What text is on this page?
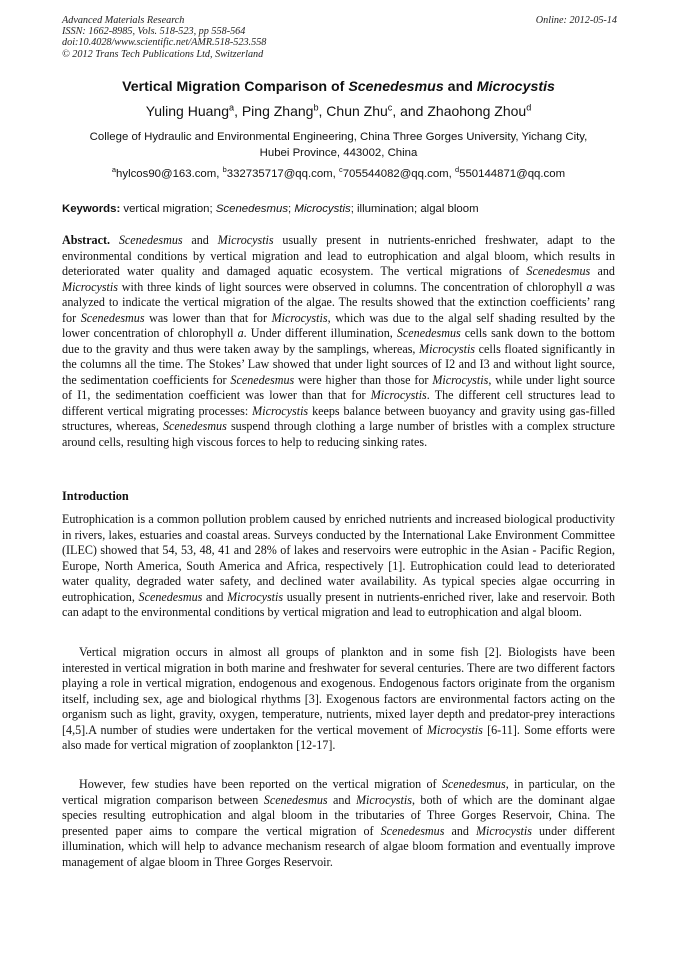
Advanced Materials Research
ISSN: 1662-8985, Vols. 518-523, pp 558-564
doi:10.4028/www.scientific.net/AMR.518-523.558
© 2012 Trans Tech Publications Ltd, Switzerland
Online: 2012-05-14
Vertical Migration Comparison of Scenedesmus and Microcystis
Yuling Huang$^a$, Ping Zhang$^b$, Chun Zhu$^c$, and Zhaohong Zhou$^d$
College of Hydraulic and Environmental Engineering, China Three Gorges University, Yichang City,
Hubei Province, 443002, China
$^a$hylcos90@163.com, $^b$332735717@qq.com, $^c$705544082@qq.com, $^d$550144871@qq.com
Keywords: vertical migration; Scenedesmus; Microcystis; illumination; algal bloom

Abstract. Scenedesmus and Microcystis usually present in nutrients-enriched freshwater, adapt to the environmental conditions by vertical migration and lead to eutrophication and algal bloom, which results in deteriorated water quality and damaged aquatic ecosystem. The vertical migrations of Scenedesmus and Microcystis with three kinds of light sources were observed in columns. The concentration of chlorophyll a was analyzed to indicate the vertical migration of the algae. The results showed that the extinction coefficients’ rang for Scenedesmus was lower than that for Microcystis, which was due to the algal self shading resulted by the lower concentration of chlorophyll a. Under different illumination, Scenedesmus cells sank down to the bottom due to the gravity and thus were taken away by the samplings, whereas, Microcystis cells floated significantly in the columns all the time. The Stokes’ Law showed that under light sources of I2 and I3 and without light source, the sedimentation coefficients for Scenedesmus were higher than those for Microcystis, while under light source of I1, the sedimentation coefficient was lower than that for Microcystis. The different cell structures lead to different vertical migrating processes: Microcystis keeps balance between buoyancy and gravity using gas-filled structures, whereas, Scenedesmus suspend through clothing a large number of bristles with a complex structure around cells, resulting high viscous forces to help to reducing sinking rates.

Introduction

Eutrophication is a common pollution problem caused by enriched nutrients and increased biological productivity in rivers, lakes, estuaries and coastal areas. Surveys conducted by the International Lake Environment Committee (ILEC) showed that 54, 53, 48, 41 and 28% of lakes and reservoirs were eutrophic in the Asian - Pacific Region, Europe, North America, South America and Africa, respectively [1]. Eutrophication could lead to deteriorated water quality, degraded water safety, and declined water availability. As typical species algae occurring in eutrophication, Scenedesmus and Microcystis usually present in nutrients-enriched river, lake and reservoir. Both can adapt to the environmental conditions by vertical migration and lead to eutrophication and algal bloom.

Vertical migration occurs in almost all groups of plankton and in some fish [2]. Biologists have been interested in vertical migration in both marine and freshwater for several centuries. There are two different factors playing a role in vertical migration, endogenous and exogenous. Endogenous factors originate from the organism itself, including sex, age and biological rhythms [3]. Exogenous factors are environmental factors acting on the organism such as light, gravity, oxygen, temperature, nutrients, mixed layer depth and predator-prey interactions [4,5].A number of studies were undertaken for the vertical movement of Microcystis [6-11]. Some efforts were also made for vertical migration of zooplankton [12-17].

However, few studies have been reported on the vertical migration of Scenedesmus, in particular, on the vertical migration comparison between Scenedesmus and Microcystis, both of which are the dominant algae species resulting eutrophication and algal bloom in the tributaries of Three Gorges Reservoir, China. The presented paper aims to compare the vertical migration of Scenedesmus and Microcystis under different illumination, which will help to advance mechanism research of algae bloom formation and eventually improve management of algae bloom in Three Gorges Reservoir.
